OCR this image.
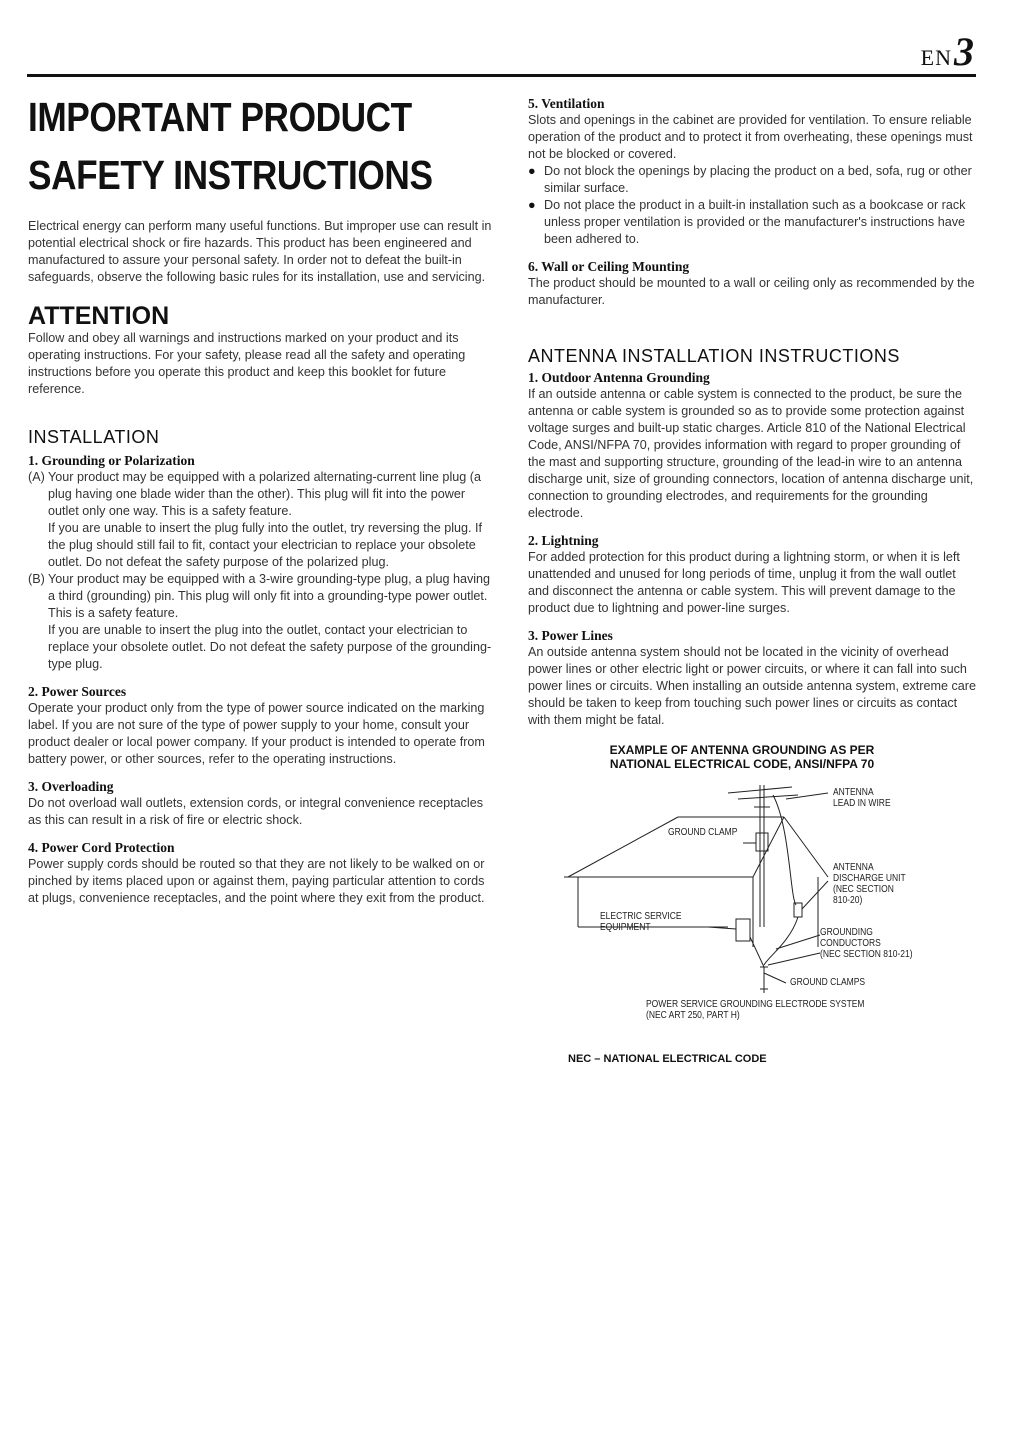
EN3
IMPORTANT PRODUCT
SAFETY INSTRUCTIONS

Electrical energy can perform many useful functions. But improper use can result in potential electrical shock or fire hazards. This product has been engineered and manufactured to assure your personal safety. In order not to defeat the built-in safeguards, observe the following basic rules for its installation, use and servicing.

ATTENTION

Follow and obey all warnings and instructions marked on your product and its operating instructions. For your safety, please read all the safety and operating instructions before you operate this product and keep this booklet for future reference.

INSTALLATION
1. Grounding or Polarization

(A) Your product may be equipped with a polarized alternating-current line plug (a plug having one blade wider than the other). This plug will fit into the power outlet only one way. This is a safety feature.

If you are unable to insert the plug fully into the outlet, try reversing the plug. If the plug should still fail to fit, contact your electrician to replace your obsolete outlet. Do not defeat the safety purpose of the polarized plug.

(B) Your product may be equipped with a 3-wire grounding-type plug, a plug having a third (grounding) pin. This plug will only fit into a grounding-type power outlet. This is a safety feature.

If you are unable to insert the plug into the outlet, contact your electrician to replace your obsolete outlet. Do not defeat the safety purpose of the grounding-type plug.

2. Power Sources

Operate your product only from the type of power source indicated on the marking label. If you are not sure of the type of power supply to your home, consult your product dealer or local power company. If your product is intended to operate from battery power, or other sources, refer to the operating instructions.

3. Overloading

Do not overload wall outlets, extension cords, or integral convenience receptacles as this can result in a risk of fire or electric shock.

4. Power Cord Protection

Power supply cords should be routed so that they are not likely to be walked on or pinched by items placed upon or against them, paying particular attention to cords at plugs, convenience receptacles, and the point where they exit from the product.

5. Ventilation

Slots and openings in the cabinet are provided for ventilation. To ensure reliable operation of the product and to protect it from overheating, these openings must not be blocked or covered.

● Do not block the openings by placing the product on a bed, sofa, rug or other similar surface.

● Do not place the product in a built-in installation such as a bookcase or rack unless proper ventilation is provided or the manufacturer's instructions have been adhered to.

6. Wall or Ceiling Mounting

The product should be mounted to a wall or ceiling only as recommended by the manufacturer.

ANTENNA INSTALLATION INSTRUCTIONS
1. Outdoor Antenna Grounding

If an outside antenna or cable system is connected to the product, be sure the antenna or cable system is grounded so as to provide some protection against voltage surges and built-up static charges. Article 810 of the National Electrical Code, ANSI/NFPA 70, provides information with regard to proper grounding of the mast and supporting structure, grounding of the lead-in wire to an antenna discharge unit, size of grounding connectors, location of antenna discharge unit, connection to grounding electrodes, and requirements for the grounding electrode.

2. Lightning

For added protection for this product during a lightning storm, or when it is left unattended and unused for long periods of time, unplug it from the wall outlet and disconnect the antenna or cable system. This will prevent damage to the product due to lightning and power-line surges.

3. Power Lines

An outside antenna system should not be located in the vicinity of overhead power lines or other electric light or power circuits, or where it can fall into such power lines or circuits. When installing an outside antenna system, extreme care should be taken to keep from touching such power lines or circuits as contact with them might be fatal.

EXAMPLE OF ANTENNA GROUNDING AS PER
NATIONAL ELECTRICAL CODE, ANSI/NFPA 70
ANTENNA
LEAD IN WIRE
GROUND CLAMP
ANTENNA
DISCHARGE UNIT
(NEC SECTION
810-20)
ELECTRIC SERVICE
EQUIPMENT	GROUNDING
CONDUCTORS
(NEC SECTION 810-21)
GROUND CLAMPS
POWER SERVICE GROUNDING ELECTRODE SYSTEM
(NEC ART 250, PART H)
NEC – NATIONAL ELECTRICAL CODE
